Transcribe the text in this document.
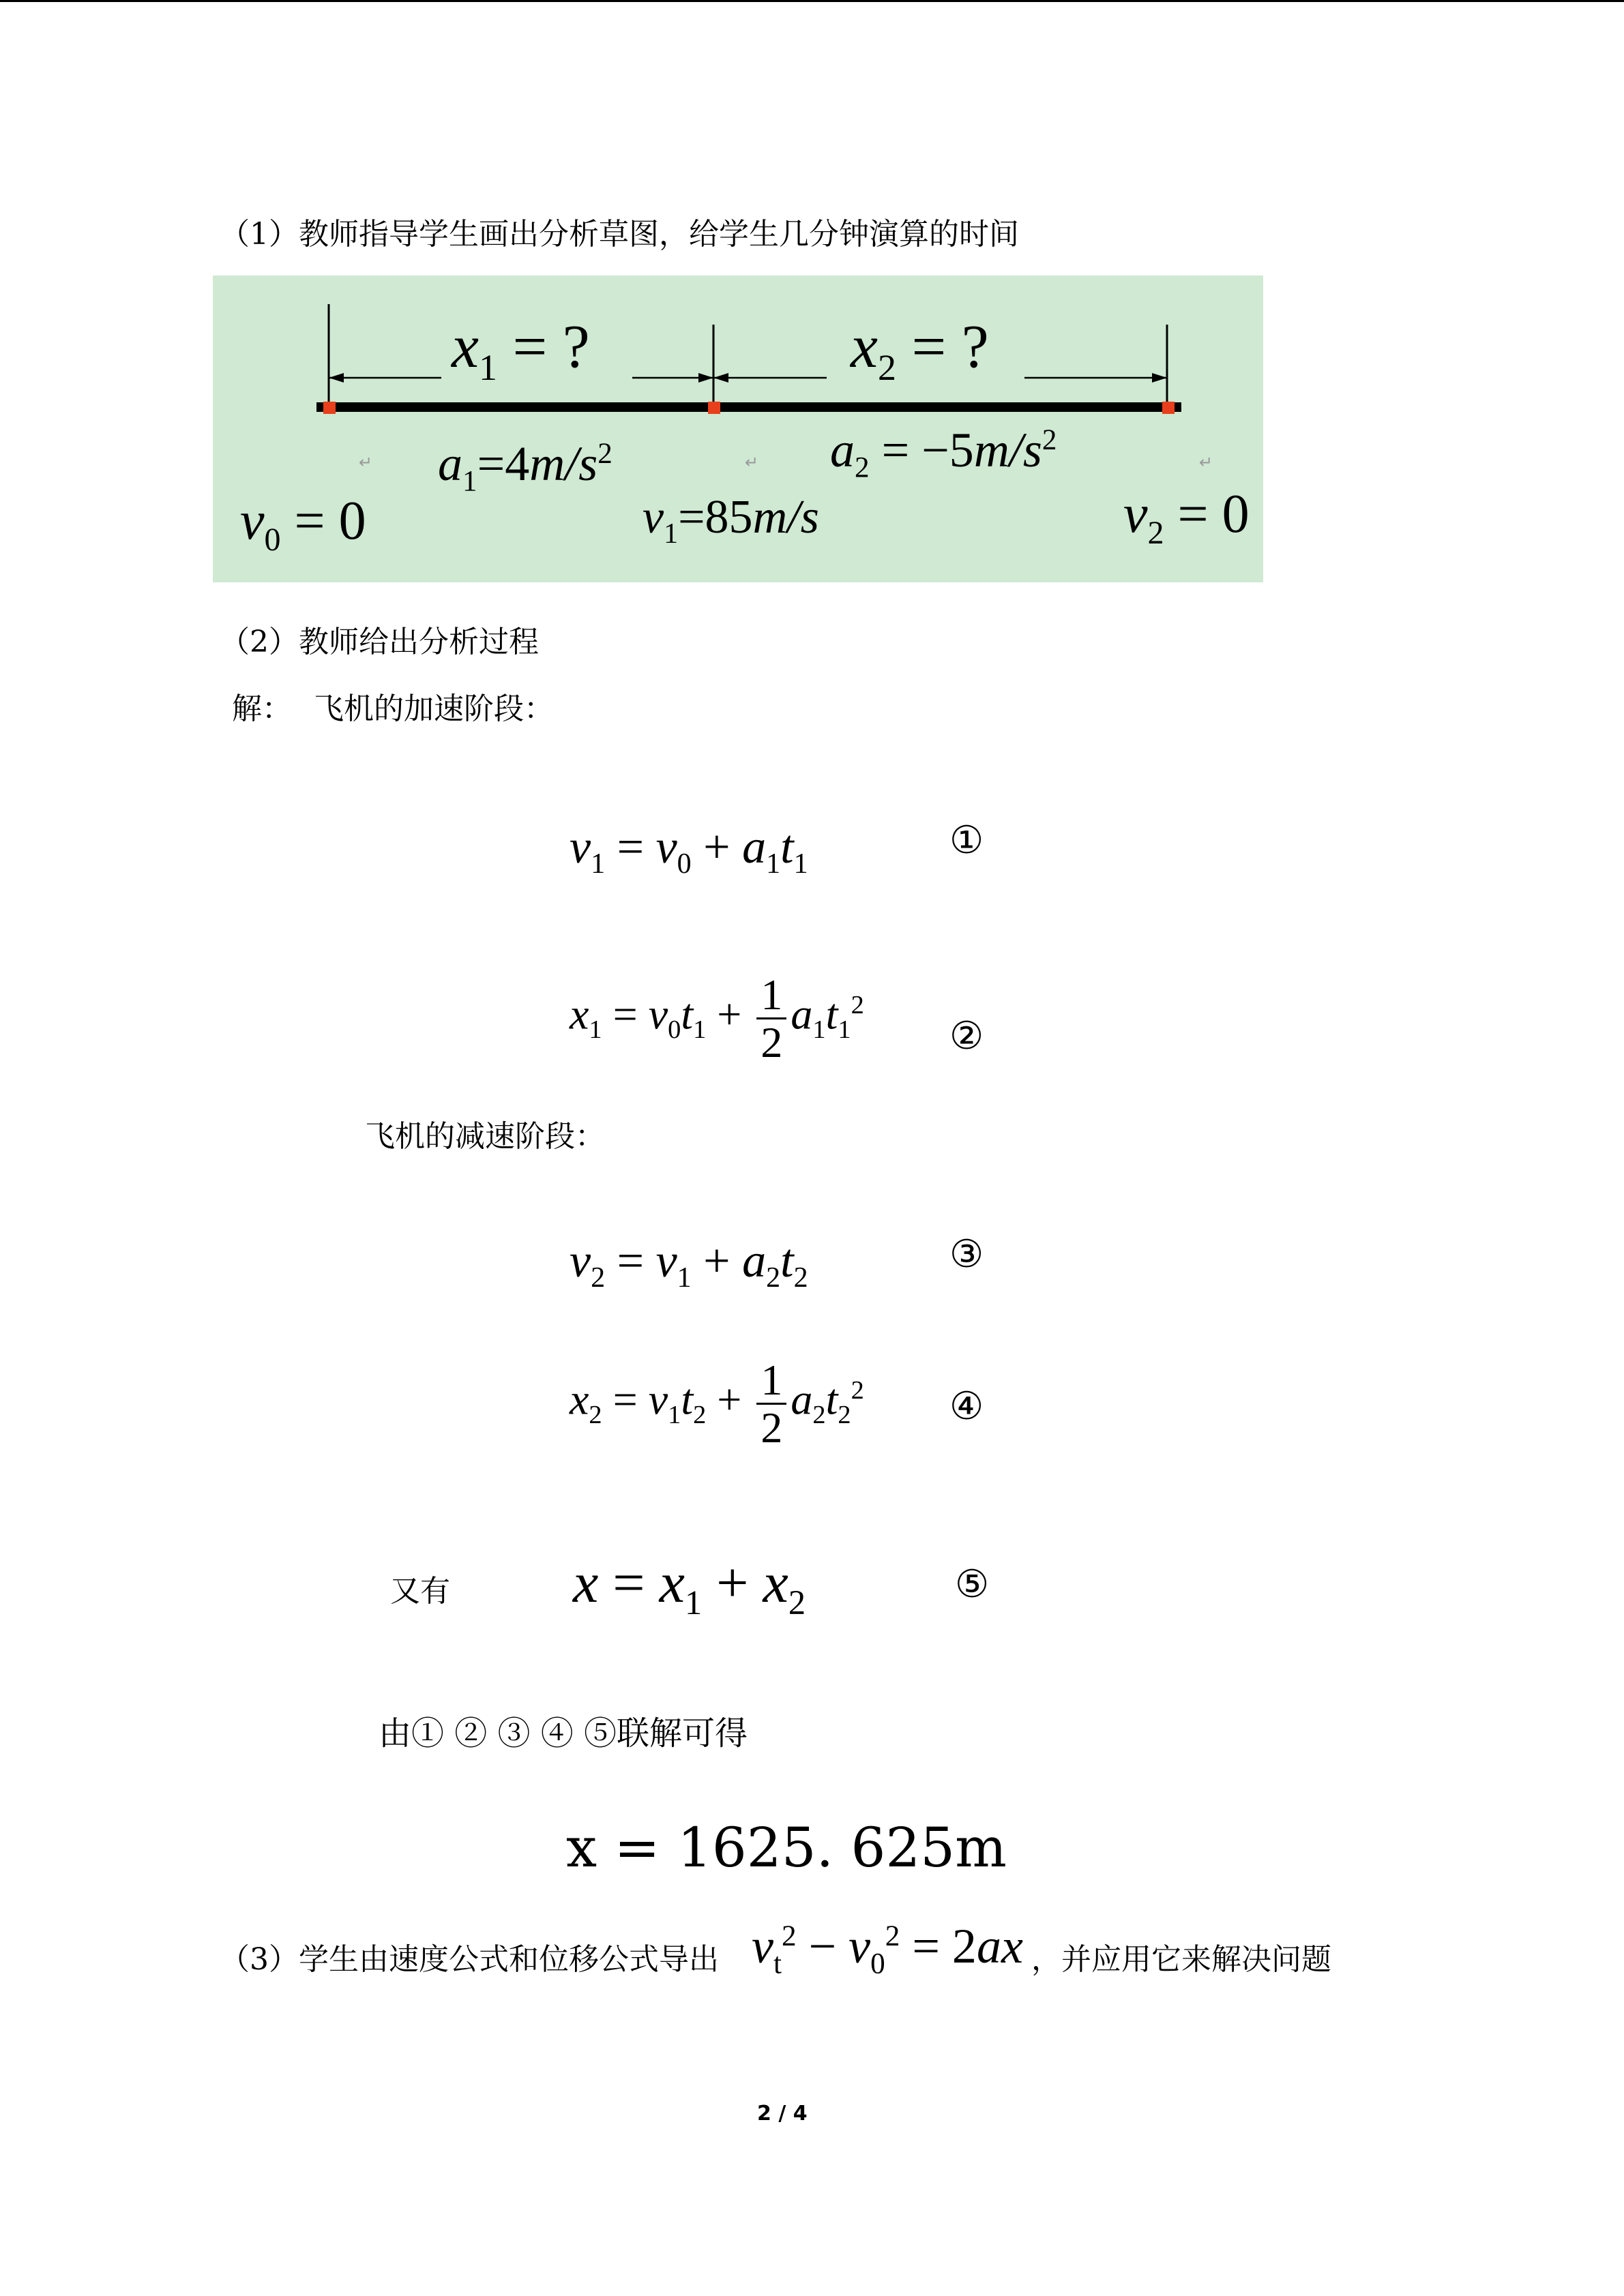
（1）教师指导学生画出分析草图，给学生几分钟演算的时间
↵	↵	↵
$x_1$ = ?	$x_2$ = ?
$a_1=4m/s^2$	$a_2 = -5m/s^2$
$v_0 = 0$	$v_1=85m/s$	$v_2 = 0$
（2）教师给出分析过程
解： 飞机的加速阶段：
$v_1 = v_0 + a_1t_1$
①
$x_1 = v_0t_1 + \frac{1}{2} a_1t_1^2$
②
飞机的减速阶段：
$v_2 = v_1 + a_2t_2$
③
$x_2 = v_1t_2 + \frac{1}{2} a_2t_2^2$ ④
又有 $x = x_1 + x_2$	⑤
由① ② ③ ④ ⑤联解可得
x = 1625. 625m
（3）学生由速度公式和位移公式导出 $v_t^2 - v_0^2 = 2ax$ ，并应用它来解决问题
2 / 4
